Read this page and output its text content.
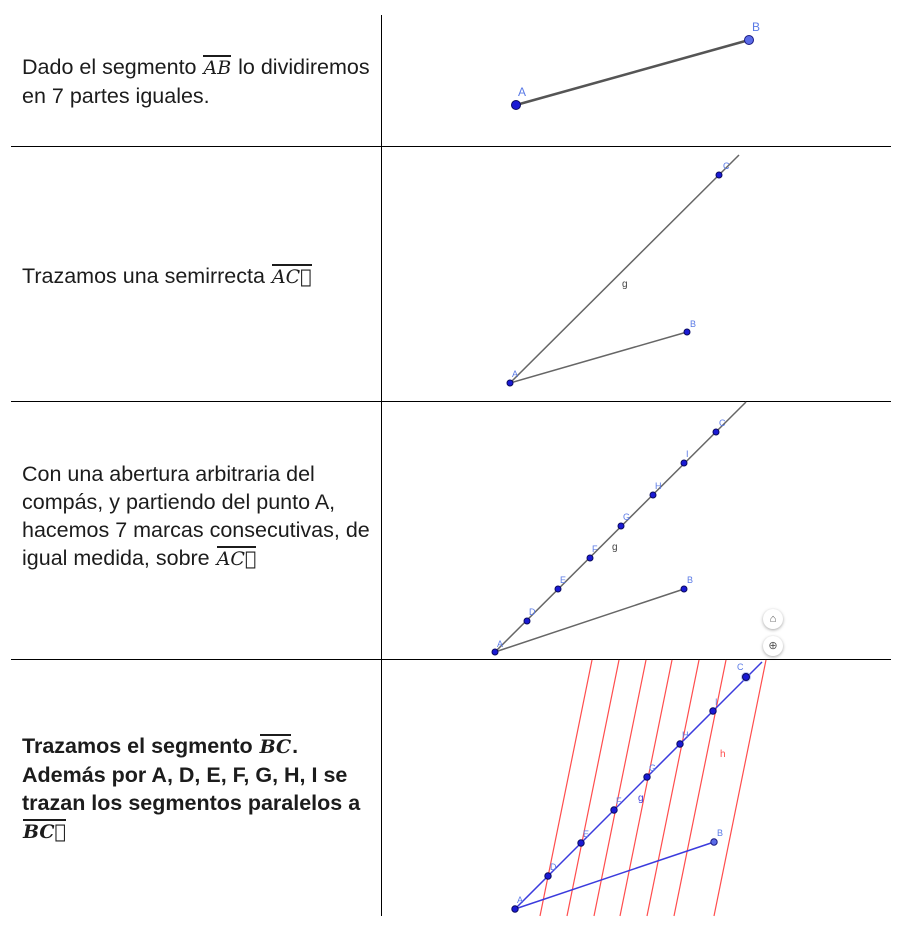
Dado el segmento AB lo dividiremos en 7 partes iguales.
Trazamos una semirrecta AC ⃗
Con una abertura arbitraria del compás, y partiendo del punto A, hacemos 7 marcas consecutivas, de igual medida, sobre AC ⃗
Trazamos el segmento BC. Además por A, D, E, F, G, H, I se trazan los segmentos paralelos a BC ⃗
A
B
A
B
C
g
A
D
E
F
G
H
I
C
B
g
⌂
⊕
A
D
E
F
G
H
I
C
B
g
h
